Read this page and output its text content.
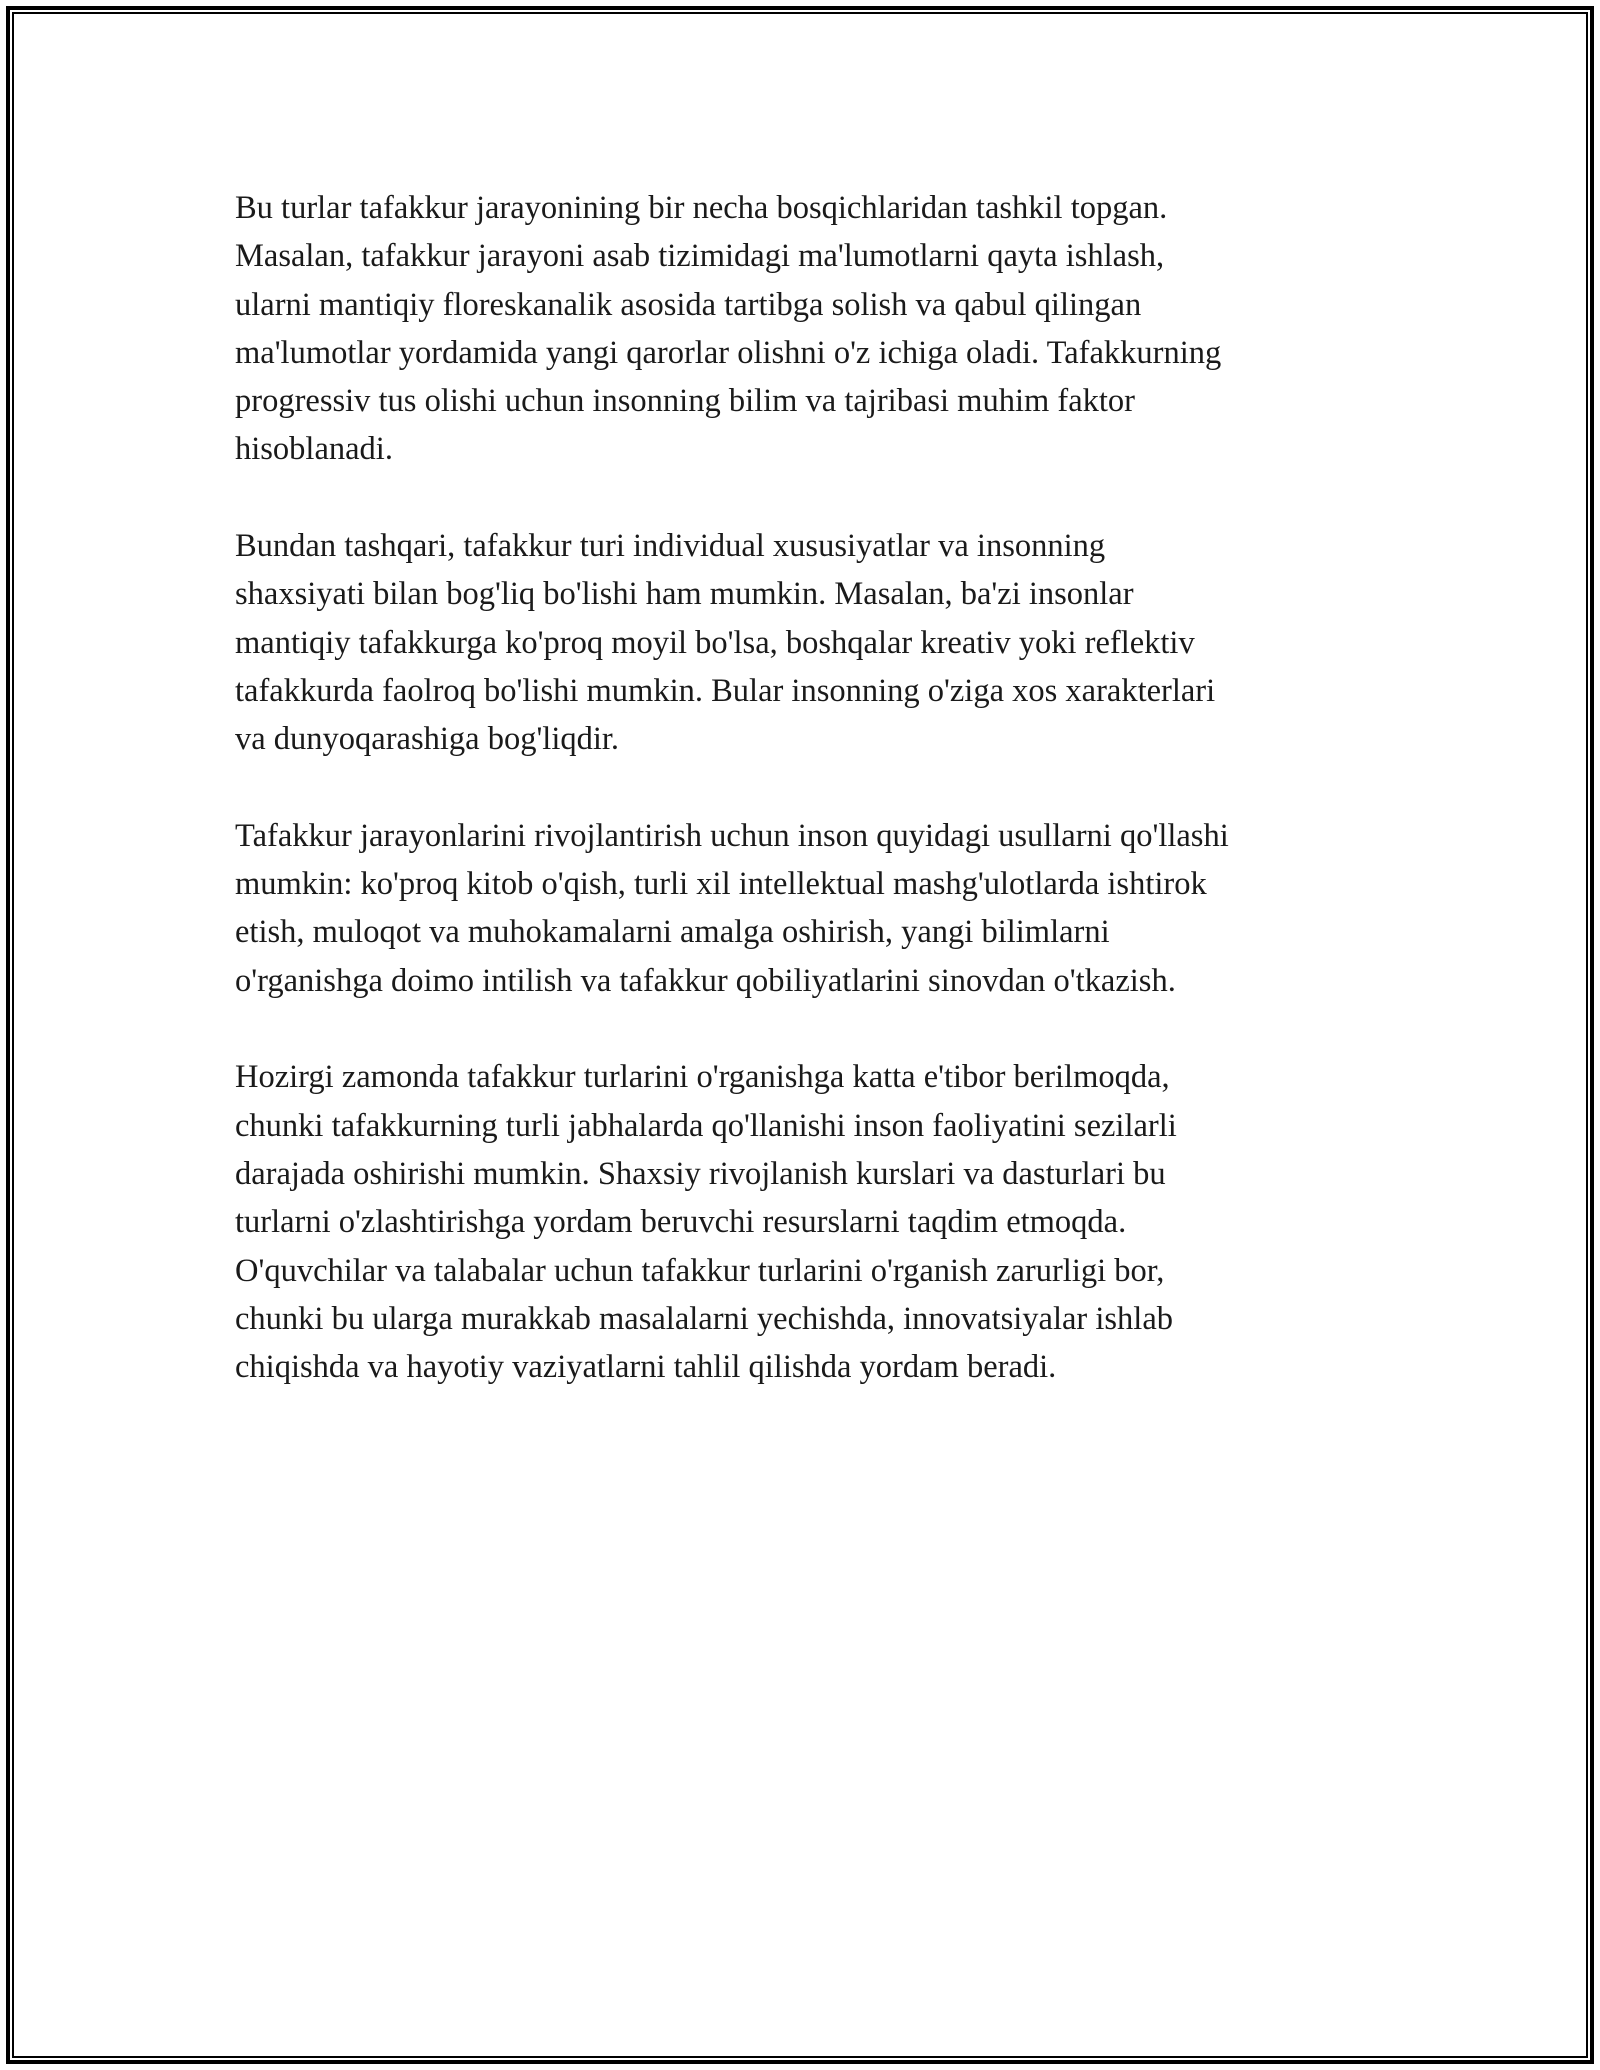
Bu turlar tafakkur jarayonining bir necha bosqichlaridan tashkil topgan.
Masalan, tafakkur jarayoni asab tizimidagi ma'lumotlarni qayta ishlash,
ularni mantiqiy floreskanalik asosida tartibga solish va qabul qilingan
ma'lumotlar yordamida yangi qarorlar olishni o'z ichiga oladi. Tafakkurning
progressiv tus olishi uchun insonning bilim va tajribasi muhim faktor
hisoblanadi.

Bundan tashqari, tafakkur turi individual xususiyatlar va insonning
shaxsiyati bilan bog'liq bo'lishi ham mumkin. Masalan, ba'zi insonlar
mantiqiy tafakkurga ko'proq moyil bo'lsa, boshqalar kreativ yoki reflektiv
tafakkurda faolroq bo'lishi mumkin. Bular insonning o'ziga xos xarakterlari
va dunyoqarashiga bog'liqdir.

Tafakkur jarayonlarini rivojlantirish uchun inson quyidagi usullarni qo'llashi
mumkin: ko'proq kitob o'qish, turli xil intellektual mashg'ulotlarda ishtirok
etish, muloqot va muhokamalarni amalga oshirish, yangi bilimlarni
o'rganishga doimo intilish va tafakkur qobiliyatlarini sinovdan o'tkazish.

Hozirgi zamonda tafakkur turlarini o'rganishga katta e'tibor berilmoqda,
chunki tafakkurning turli jabhalarda qo'llanishi inson faoliyatini sezilarli
darajada oshirishi mumkin. Shaxsiy rivojlanish kurslari va dasturlari bu
turlarni o'zlashtirishga yordam beruvchi resurslarni taqdim etmoqda.
O'quvchilar va talabalar uchun tafakkur turlarini o'rganish zarurligi bor,
chunki bu ularga murakkab masalalarni yechishda, innovatsiyalar ishlab
chiqishda va hayotiy vaziyatlarni tahlil qilishda yordam beradi.
